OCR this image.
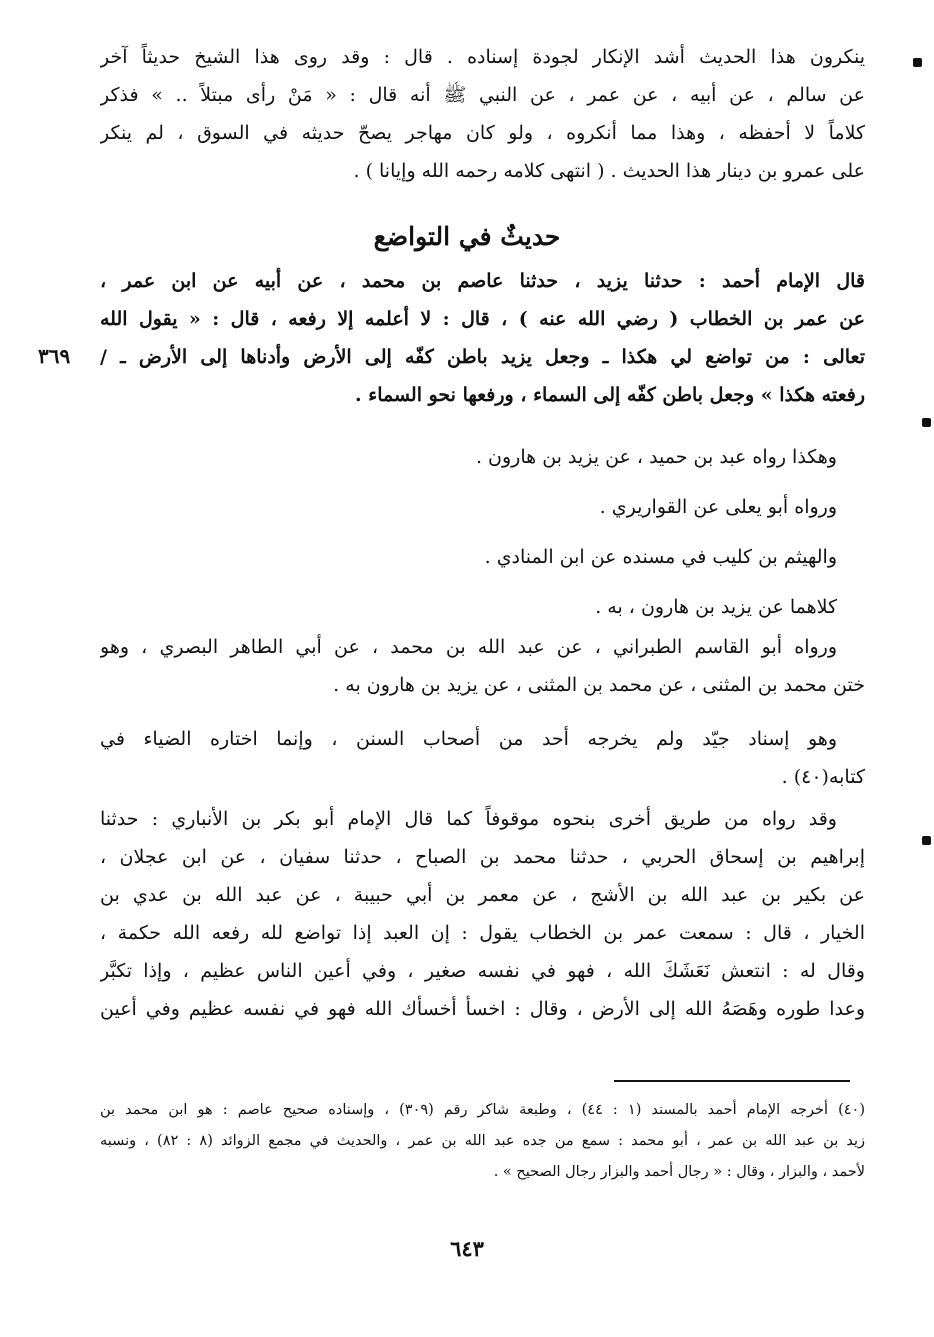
ينكرون هذا الحديث أشد الإنكار لجودة إسناده . قال : وقد روى هذا الشيخ حديثاً آخر
عن سالم ، عن أبيه ، عن عمر ، عن النبي ﷺ أنه قال : « مَنْ رأى مبتلاً .. » فذكر
كلاماً لا أحفظه ، وهذا مما أنكروه ، ولو كان مهاجر يصحّ حديثه في السوق ، لم ينكر
على عمرو بن دينار هذا الحديث . ( انتهى كلامه رحمه الله وإيانا ) .
حديثٌ في التواضع
قال الإمام أحمد : حدثنا يزيد ، حدثنا عاصم بن محمد ، عن أبيه عن ابن عمر ،
عن عمر بن الخطاب ( رضي الله عنه ) ، قال : لا أعلمه إلا رفعه ، قال : « يقول الله
تعالى : من تواضع لي هكذا ـ وجعل يزيد باطن كفّه إلى الأرض وأدناها إلى الأرض ـ /
رفعته هكذا » وجعل باطن كفّه إلى السماء ، ورفعها نحو السماء .
وهكذا رواه عبد بن حميد ، عن يزيد بن هارون .
ورواه أبو يعلى عن القواريري .
والهيثم بن كليب في مسنده عن ابن المنادي .
كلاهما عن يزيد بن هارون ، به .
ورواه أبو القاسم الطبراني ، عن عبد الله بن محمد ، عن أبي الطاهر البصري ، وهو
ختن محمد بن المثنى ، عن محمد بن المثنى ، عن يزيد بن هارون به .
وهو إسناد جيّد ولم يخرجه أحد من أصحاب السنن ، وإنما اختاره الضياء في
كتابه(٤٠) .
وقد رواه من طريق أخرى بنحوه موقوفاً كما قال الإمام أبو بكر بن الأنباري : حدثنا
إبراهيم بن إسحاق الحربي ، حدثنا محمد بن الصباح ، حدثنا سفيان ، عن ابن عجلان ،
عن بكير بن عبد الله بن الأشج ، عن معمر بن أبي حبيبة ، عن عبد الله بن عدي بن
الخيار ، قال : سمعت عمر بن الخطاب يقول : إن العبد إذا تواضع لله رفعه الله حكمة ،
وقال له : انتعش نَعَشَكَ الله ، فهو في نفسه صغير ، وفي أعين الناس عظيم ، وإذا تكبَّر
وعدا طوره وهَصَهُ الله إلى الأرض ، وقال : اخسأ أخسأك الله فهو في نفسه عظيم وفي أعين
٣٦٩
(٤٠) أخرجه الإمام أحمد بالمسند (١ : ٤٤) ، وطبعة شاكر رقم (٣٠٩) ، وإسناده صحيح عاصم : هو ابن محمد بن
زيد بن عبد الله بن عمر ، أبو محمد : سمع من جده عبد الله بن عمر ، والحديث في مجمع الزوائد (٨ : ٨٢) ، ونسبه
لأحمد ، والبزار ، وقال : « رجال أحمد والبزار رجال الصحيح » .
٦٤٣
